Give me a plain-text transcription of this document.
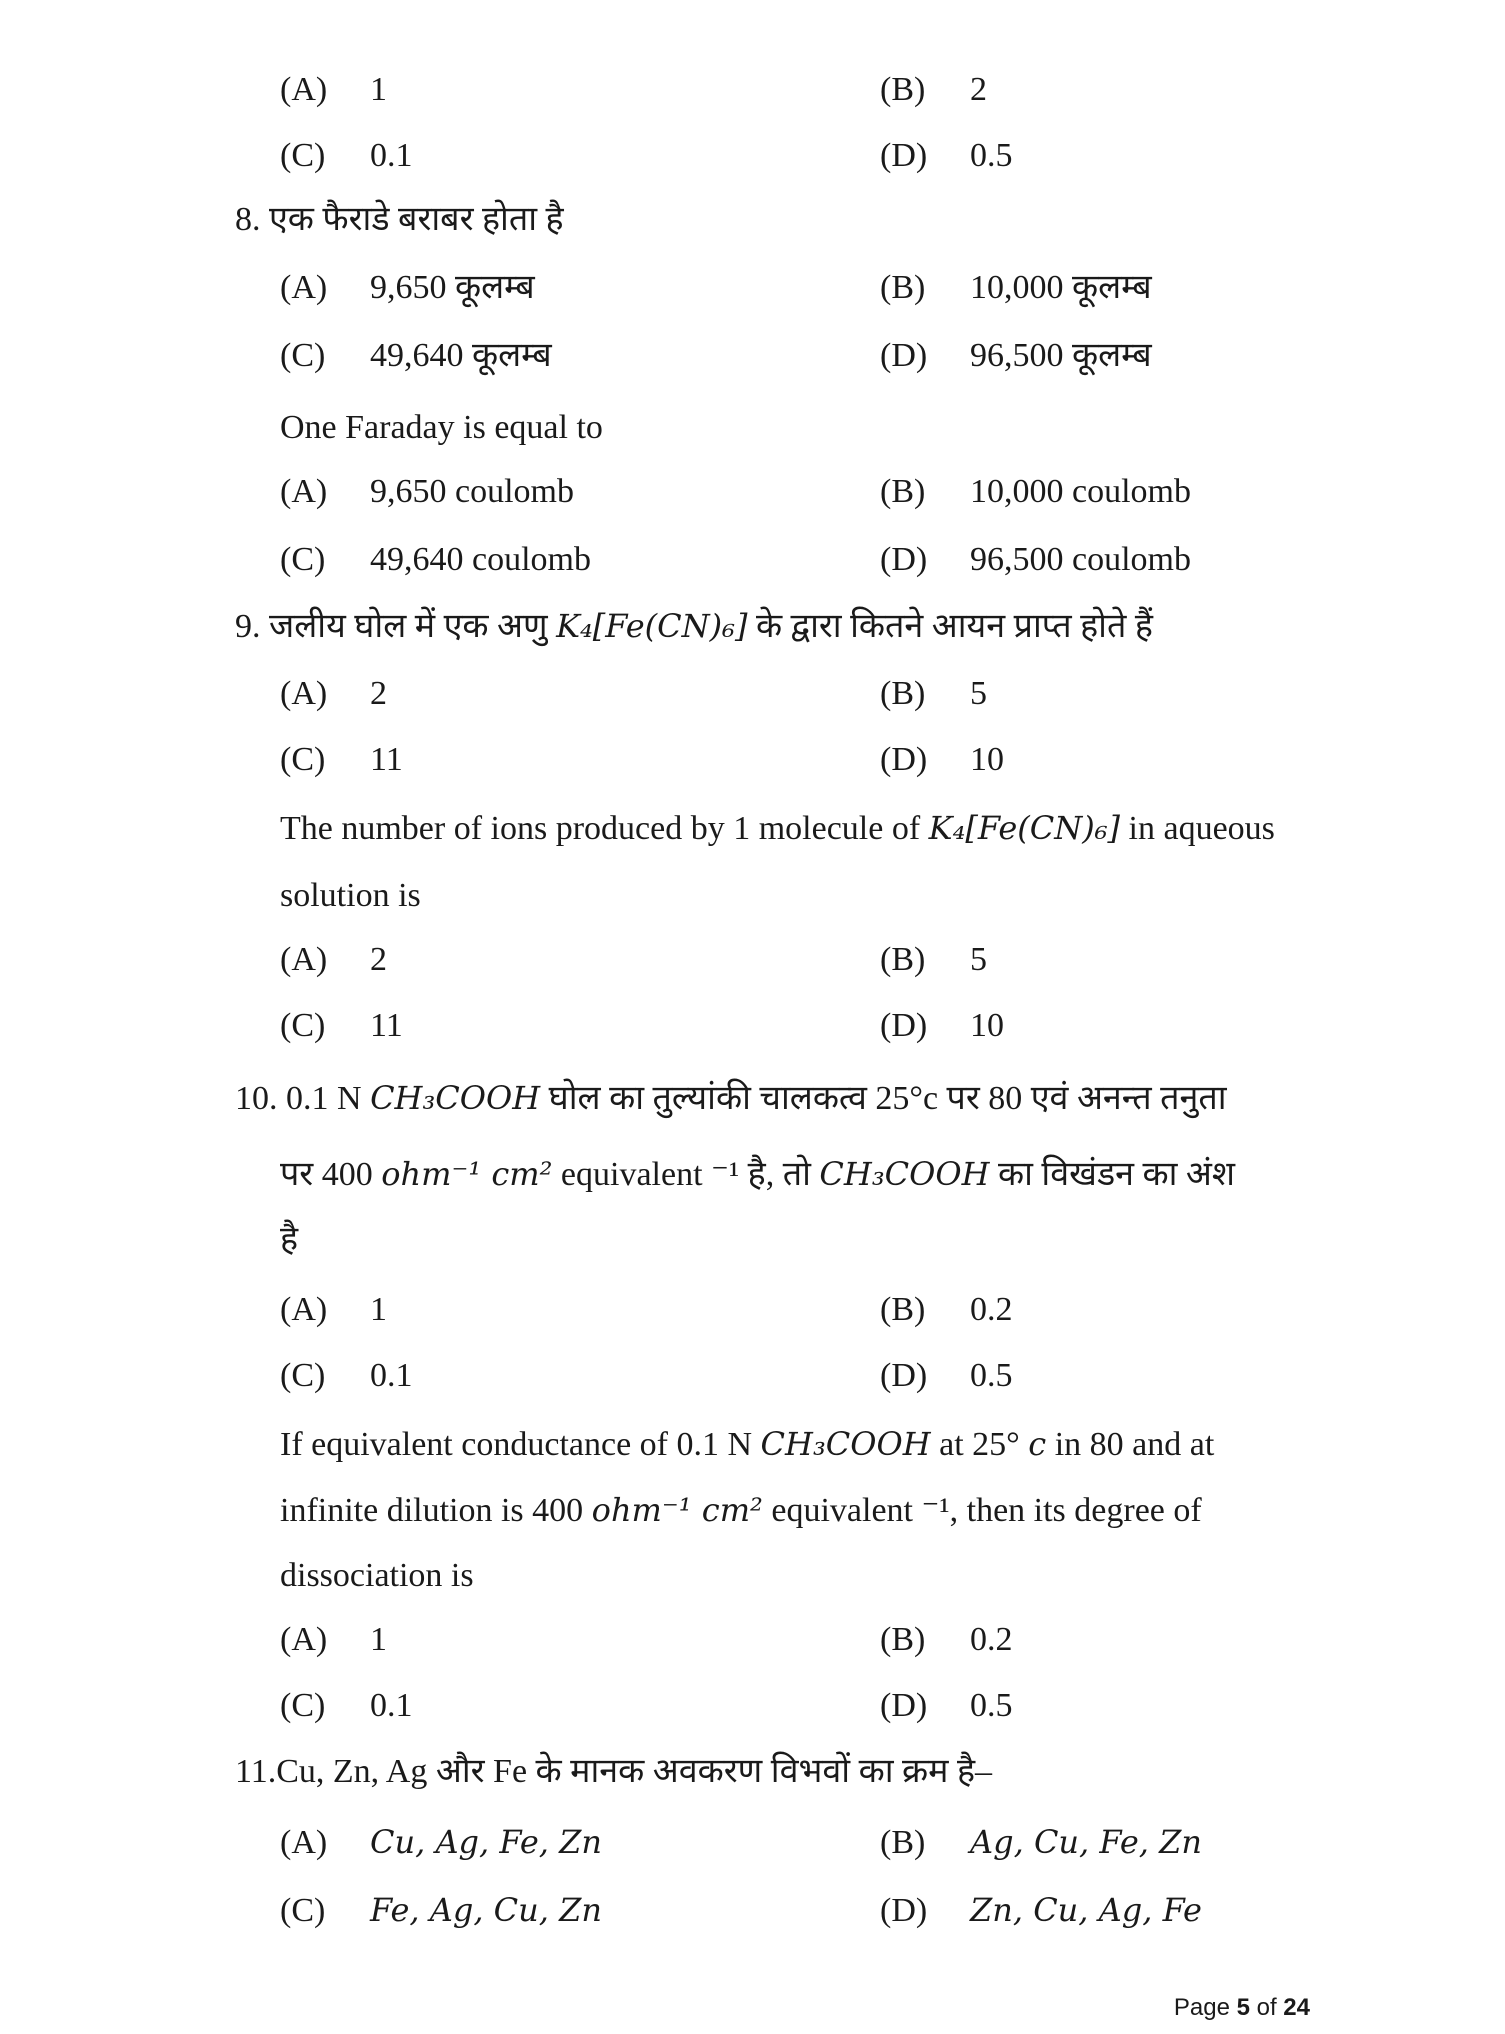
(A) 1	(B) 2
(C) 0.1	(D) 0.5
8. एक फैराडे बराबर होता है
(A) 9,650 कूलम्ब	(B) 10,000 कूलम्ब
(C) 49,640 कूलम्ब	(D) 96,500 कूलम्ब
One Faraday is equal to
(A) 9,650 coulomb	(B) 10,000 coulomb
(C) 49,640 coulomb	(D) 96,500 coulomb
9. जलीय घोल में एक अणु K₄[Fe(CN)₆] के द्वारा कितने आयन प्राप्त होते हैं
(A) 2	(B) 5
(C) 11	(D) 10
The number of ions produced by 1 molecule of K₄[Fe(CN)₆] in aqueous
solution is
(A) 2	(B) 5
(C) 11	(D) 10
10. 0.1 N CH₃COOH घोल का तुल्यांकी चालकत्व 25°c पर 80 एवं अनन्त तनुता
पर 400 ohm⁻¹ cm² equivalent ⁻¹ है, तो CH₃COOH का विखंडन का अंश
है
(A) 1	(B) 0.2
(C) 0.1	(D) 0.5
If equivalent conductance of 0.1 N CH₃COOH at 25° c in 80 and at
infinite dilution is 400 ohm⁻¹ cm² equivalent ⁻¹, then its degree of
dissociation is
(A) 1	(B) 0.2
(C) 0.1	(D) 0.5
11.Cu, Zn, Ag और Fe के मानक अवकरण विभवों का क्रम है–
(A) Cu, Ag, Fe, Zn	(B) Ag, Cu, Fe, Zn
(C) Fe, Ag, Cu, Zn	(D) Zn, Cu, Ag, Fe
Page 5 of 24
